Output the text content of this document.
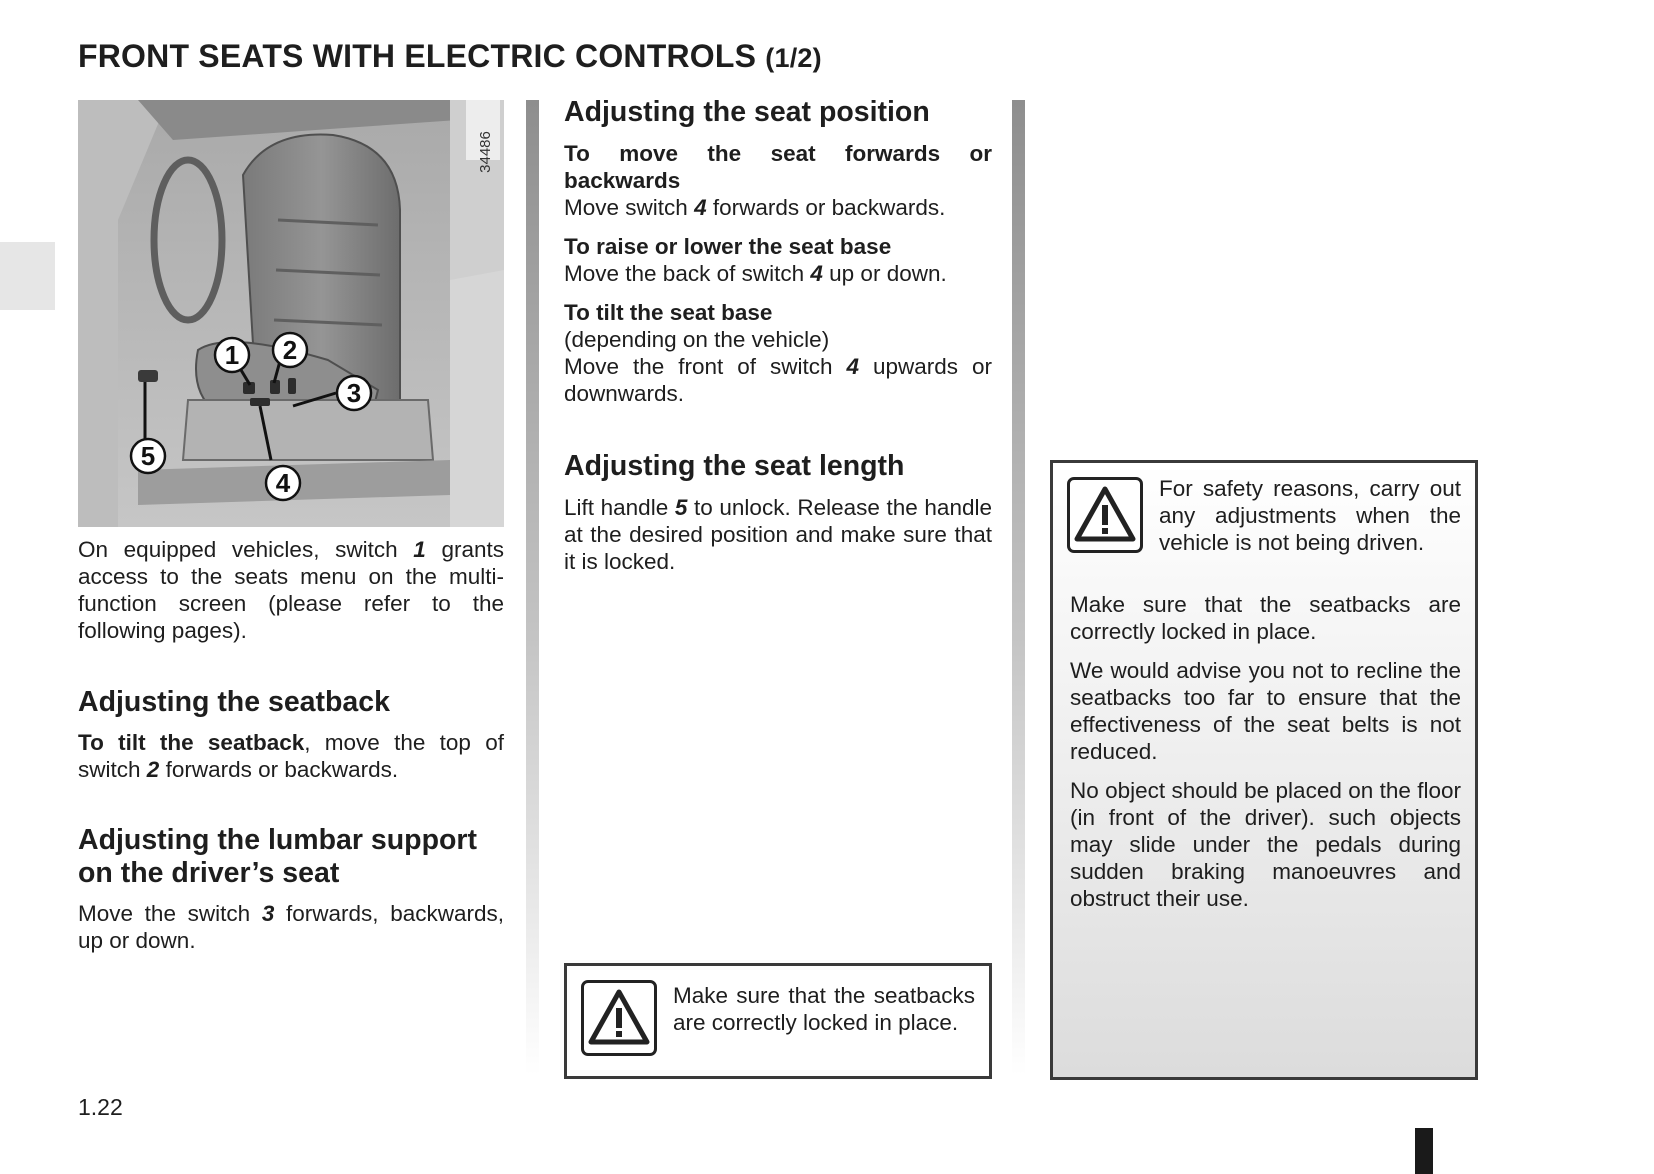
FRONT SEATS WITH ELECTRIC CONTROLS (1/2)
1 2
3
4
5
34486

On equipped vehicles, switch 1 grants access to the seats menu on the multi-function screen (please refer to the following pages).

Adjusting the seatback

To tilt the seatback, move the top of switch 2 forwards or backwards.

Adjusting the lumbar support
on the driver’s seat

Move the switch 3 forwards, backwards, up or down.

Adjusting the seat position

To move the seat forwards or backwards
Move switch 4 forwards or backwards.

To raise or lower the seat base
Move the back of switch 4 up or down.

To tilt the seat base
(depending on the vehicle)
Move the front of switch 4 upwards or downwards.

Adjusting the seat length

Lift handle 5 to unlock. Release the handle at the desired position and make sure that it is locked.

Make sure that the seatbacks are correctly locked in place.
For safety reasons, carry out any adjustments when the vehicle is not being driven.

Make sure that the seatbacks are correctly locked in place.

We would advise you not to recline the seatbacks too far to ensure that the effectiveness of the seat belts is not reduced.

No object should be placed on the floor (in front of the driver). such objects may slide under the pedals during sudden braking manoeuvres and obstruct their use.

1.22
